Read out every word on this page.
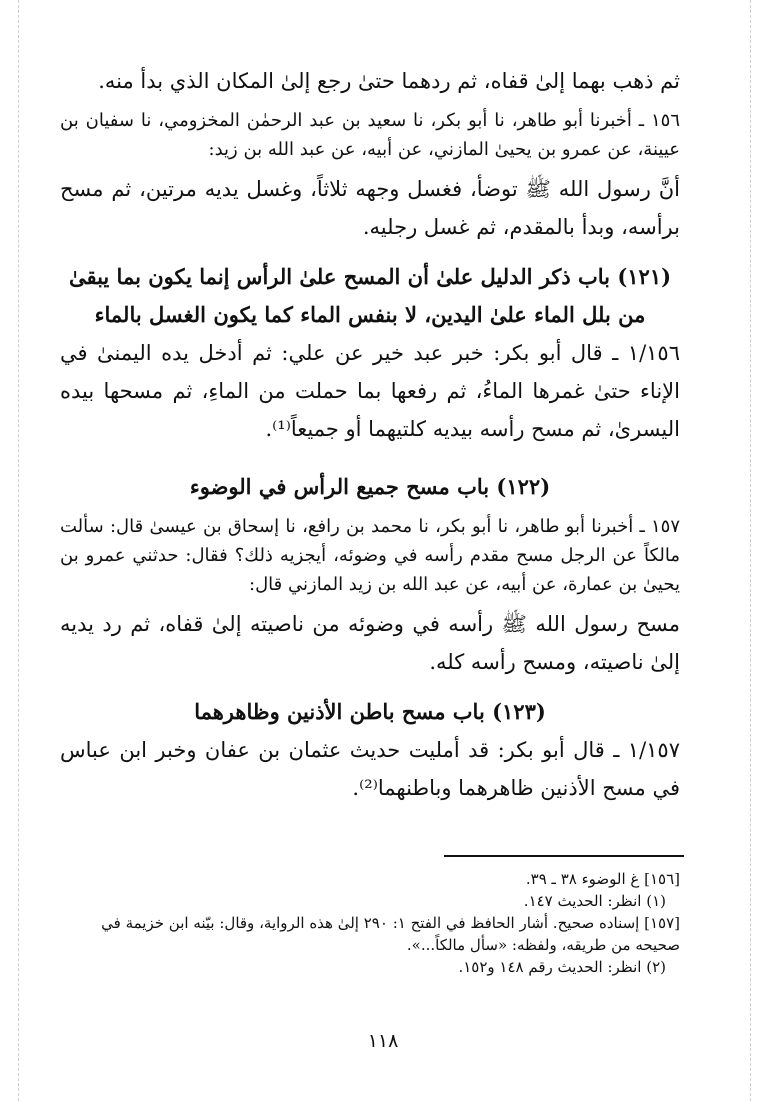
ثم ذهب بهما إلىٰ قفاه، ثم ردهما حتىٰ رجع إلىٰ المكان الذي بدأ منه.

١٥٦ ـ أخبرنا أبو طاهر، نا أبو بكر، نا سعيد بن عبد الرحمٰن المخزومي، نا سفيان بن عيينة، عن عمرو بن يحيىٰ المازني، عن أبيه، عن عبد الله بن زيد:

أنَّ رسول الله ﷺ توضأ، فغسل وجهه ثلاثاً، وغسل يديه مرتين، ثم مسح برأسه، وبدأ بالمقدم، ثم غسل رجليه.

(١٢١) باب ذكر الدليل علىٰ أن المسح علىٰ الرأس إنما يكون بما يبقىٰ من بلل الماء علىٰ اليدين، لا بنفس الماء كما يكون الغسل بالماء

١/١٥٦ ـ قال أبو بكر: خبر عبد خير عن علي: ثم أدخل يده اليمنىٰ في الإناء حتىٰ غمرها الماءُ، ثم رفعها بما حملت من الماءِ، ثم مسحها بيده اليسرىٰ، ثم مسح رأسه بيديه كلتيهما أو جميعاً⁽¹⁾.

(١٢٢) باب مسح جميع الرأس في الوضوء

١٥٧ ـ أخبرنا أبو طاهر، نا أبو بكر، نا محمد بن رافع، نا إسحاق بن عيسىٰ قال: سألت مالكاً عن الرجل مسح مقدم رأسه في وضوئه، أيجزيه ذلك؟ فقال: حدثني عمرو بن يحيىٰ بن عمارة، عن أبيه، عن عبد الله بن زيد المازني قال:

مسح رسول الله ﷺ رأسه في وضوئه من ناصيته إلىٰ قفاه، ثم رد يديه إلىٰ ناصيته، ومسح رأسه كله.

(١٢٣) باب مسح باطن الأذنين وظاهرهما

١/١٥٧ ـ قال أبو بكر: قد أمليت حديث عثمان بن عفان وخبر ابن عباس في مسح الأذنين ظاهرهما وباطنهما⁽²⁾.

[١٥٦] غ الوضوء ٣٨ ـ ٣٩.

(١) انظر: الحديث ١٤٧.

[١٥٧] إسناده صحيح. أشار الحافظ في الفتح ١: ٢٩٠ إلىٰ هذه الرواية، وقال: بيّنه ابن خزيمة في صحيحه من طريقه، ولفظه: «سأل مالكاً...».

(٢) انظر: الحديث رقم ١٤٨ و١٥٢.

١١٨
